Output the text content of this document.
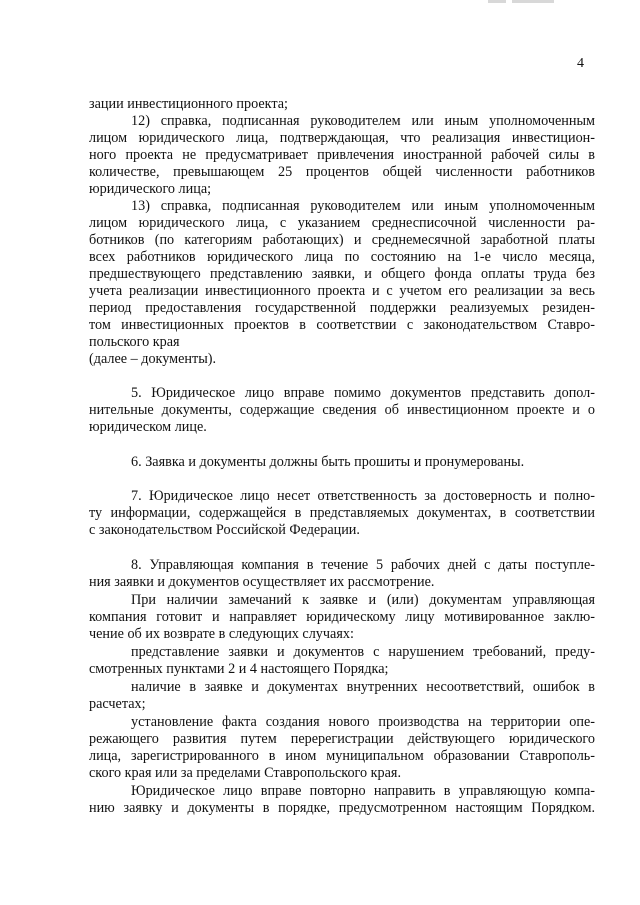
4
зации инвестиционного проекта;
12) справка, подписанная руководителем или иным уполномоченным
лицом юридического лица, подтверждающая, что реализация инвестицион-
ного проекта не предусматривает привлечения иностранной рабочей силы в
количестве, превышающем 25 процентов общей численности работников
юридического лица;
13) справка, подписанная руководителем или иным уполномоченным
лицом юридического лица, с указанием среднесписочной численности ра-
ботников (по категориям работающих) и среднемесячной заработной платы
всех работников юридического лица по состоянию на 1-е число месяца,
предшествующего представлению заявки, и общего фонда оплаты труда без
учета реализации инвестиционного проекта и с учетом его реализации за весь
период предоставления государственной поддержки реализуемых резиден-
том инвестиционных проектов в соответствии с законодательством Ставро-
польского края
(далее – документы).
5. Юридическое лицо вправе помимо документов представить допол-
нительные документы, содержащие сведения об инвестиционном проекте и о
юридическом лице.
6. Заявка и документы должны быть прошиты и пронумерованы.
7. Юридическое лицо несет ответственность за достоверность и полно-
ту информации, содержащейся в представляемых документах, в соответствии
с законодательством Российской Федерации.
8. Управляющая компания в течение 5 рабочих дней с даты поступле-
ния заявки и документов осуществляет их рассмотрение.
При наличии замечаний к заявке и (или) документам управляющая
компания готовит и направляет юридическому лицу мотивированное заклю-
чение об их возврате в следующих случаях:
представление заявки и документов с нарушением требований, преду-
смотренных пунктами 2 и 4 настоящего Порядка;
наличие в заявке и документах внутренних несоответствий, ошибок в
расчетах;
установление факта создания нового производства на территории опе-
режающего развития путем перерегистрации действующего юридического
лица, зарегистрированного в ином муниципальном образовании Ставрополь-
ского края или за пределами Ставропольского края.
Юридическое лицо вправе повторно направить в управляющую компа-
нию заявку и документы в порядке, предусмотренном настоящим Порядком.
